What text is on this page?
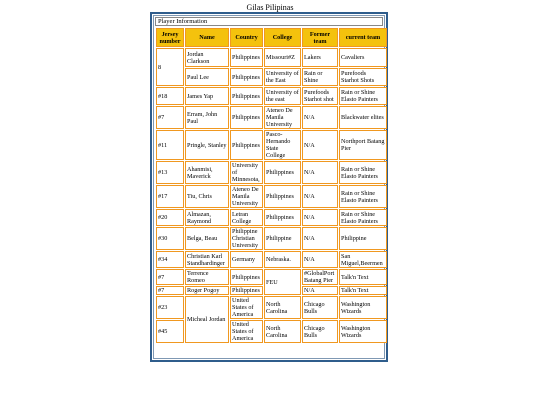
Gilas Pilipinas
Player Information
Jersey number	Name	Country	College	Former team	current team
8	Jordan Clarkson	Philippines	Missouri#Z	Lakers	Cavaliers
	Paul Lee	Philippines	University of the East	Rain or Shine	Purefoods Starhot Shots
#18	James Yap	Philippines	University of the east	Purefoods Starhot shot	Rain or Shine Elasto Painters
#7	Erram, John Paul	Philippines	Ateneo De Manila University	N/A	Blackwater elites
#11	Pringle, Stanley	Philippines	Pasco-Hernando State College	N/A	Northport Batang Pier
#13	Ahanmisi, Maverick	University of Minnesota,	Philippines	N/A	Rain or Shine Elasto Painters
#17	Tiu, Chris	Ateneo De Manila University	Philippines	N/A	Rain or Shine Elasto Painters
#20	Almazan, Raymond	Letran College	Philippines	N/A	Rain or Shine Elasto Painters
#30	Belga, Beau	Philippine Christian University	Philippine	N/A	Philippine
#34	Christian Karl Standhardinger	Germany	Nebraska.	N/A	San Miguel,Beermen
#7	Terrence Romeo	Philippines	FEU	#GlobalPort Batang Pier	Talk'n Text
#7	Roger Pogoy	Philippines		N/A	Talk'n Text
#23	Micheal Jordan	United States of America	North Carolina	Chicago Bulls	Washington Wizards
#45		United States of America	North Carolina	Chicago Bulls	Washington Wizards
